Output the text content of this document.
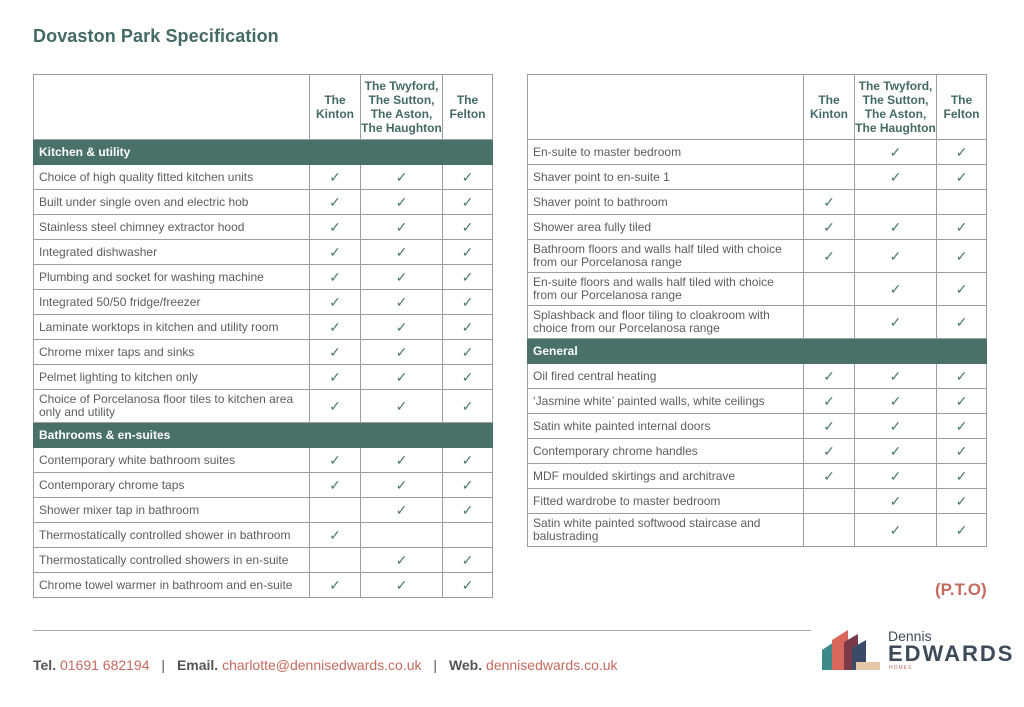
Dovaston Park Specification
	The
Kinton	The Twyford,
The Sutton,
The Aston,
The Haughton	The
Felton
Kitchen & utility			
Choice of high quality fitted kitchen units	✓	✓	✓
Built under single oven and electric hob	✓	✓	✓
Stainless steel chimney extractor hood	✓	✓	✓
Integrated dishwasher	✓	✓	✓
Plumbing and socket for washing machine	✓	✓	✓
Integrated 50/50 fridge/freezer	✓	✓	✓
Laminate worktops in kitchen and utility room	✓	✓	✓
Chrome mixer taps and sinks	✓	✓	✓
Pelmet lighting to kitchen only	✓	✓	✓
Choice of Porcelanosa floor tiles to kitchen area only and utility	✓	✓	✓
Bathrooms & en-suites			
Contemporary white bathroom suites	✓	✓	✓
Contemporary chrome taps	✓	✓	✓
Shower mixer tap in bathroom		✓	✓
Thermostatically controlled shower in bathroom	✓		
Thermostatically controlled showers in en-suite		✓	✓
Chrome towel warmer in bathroom and en-suite	✓	✓	✓
	The
Kinton	The Twyford,
The Sutton,
The Aston,
The Haughton	The
Felton
En-suite to master bedroom		✓	✓
Shaver point to en-suite 1		✓	✓
Shaver point to bathroom	✓		
Shower area fully tiled	✓	✓	✓
Bathroom floors and walls half tiled with choice from our Porcelanosa range	✓	✓	✓
En-suite floors and walls half tiled with choice from our Porcelanosa range		✓	✓
Splashback and floor tiling to cloakroom with choice from our Porcelanosa range		✓	✓
General			
Oil fired central heating	✓	✓	✓
‘Jasmine white’ painted walls, white ceilings	✓	✓	✓
Satin white painted internal doors	✓	✓	✓
Contemporary chrome handles	✓	✓	✓
MDF moulded skirtings and architrave	✓	✓	✓
Fitted wardrobe to master bedroom		✓	✓
Satin white painted softwood staircase and balustrading		✓	✓
(P.T.O)
Tel. 01691 682194 | Email. charlotte@dennisedwards.co.uk | Web. dennisedwards.co.uk
Dennis
EDWARDS
HOMES
